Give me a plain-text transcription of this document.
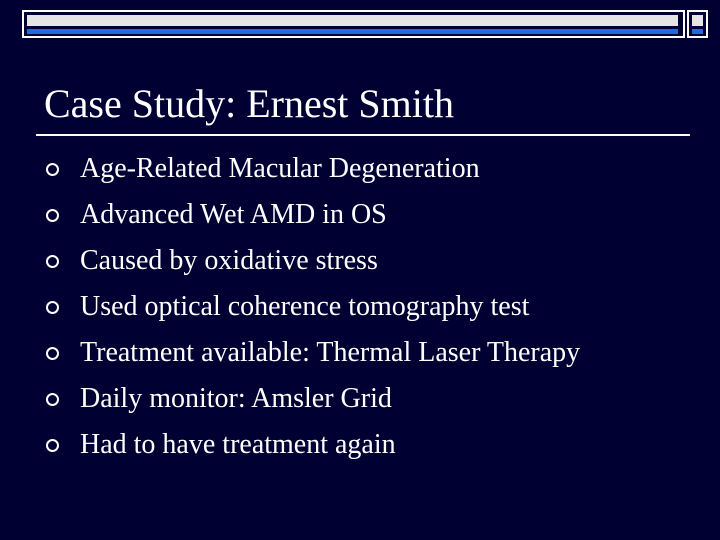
Case Study: Ernest Smith
Age-Related Macular Degeneration
Advanced Wet AMD in OS
Caused by oxidative stress
Used optical coherence tomography test
Treatment available: Thermal Laser Therapy
Daily monitor: Amsler Grid
Had to have treatment again
